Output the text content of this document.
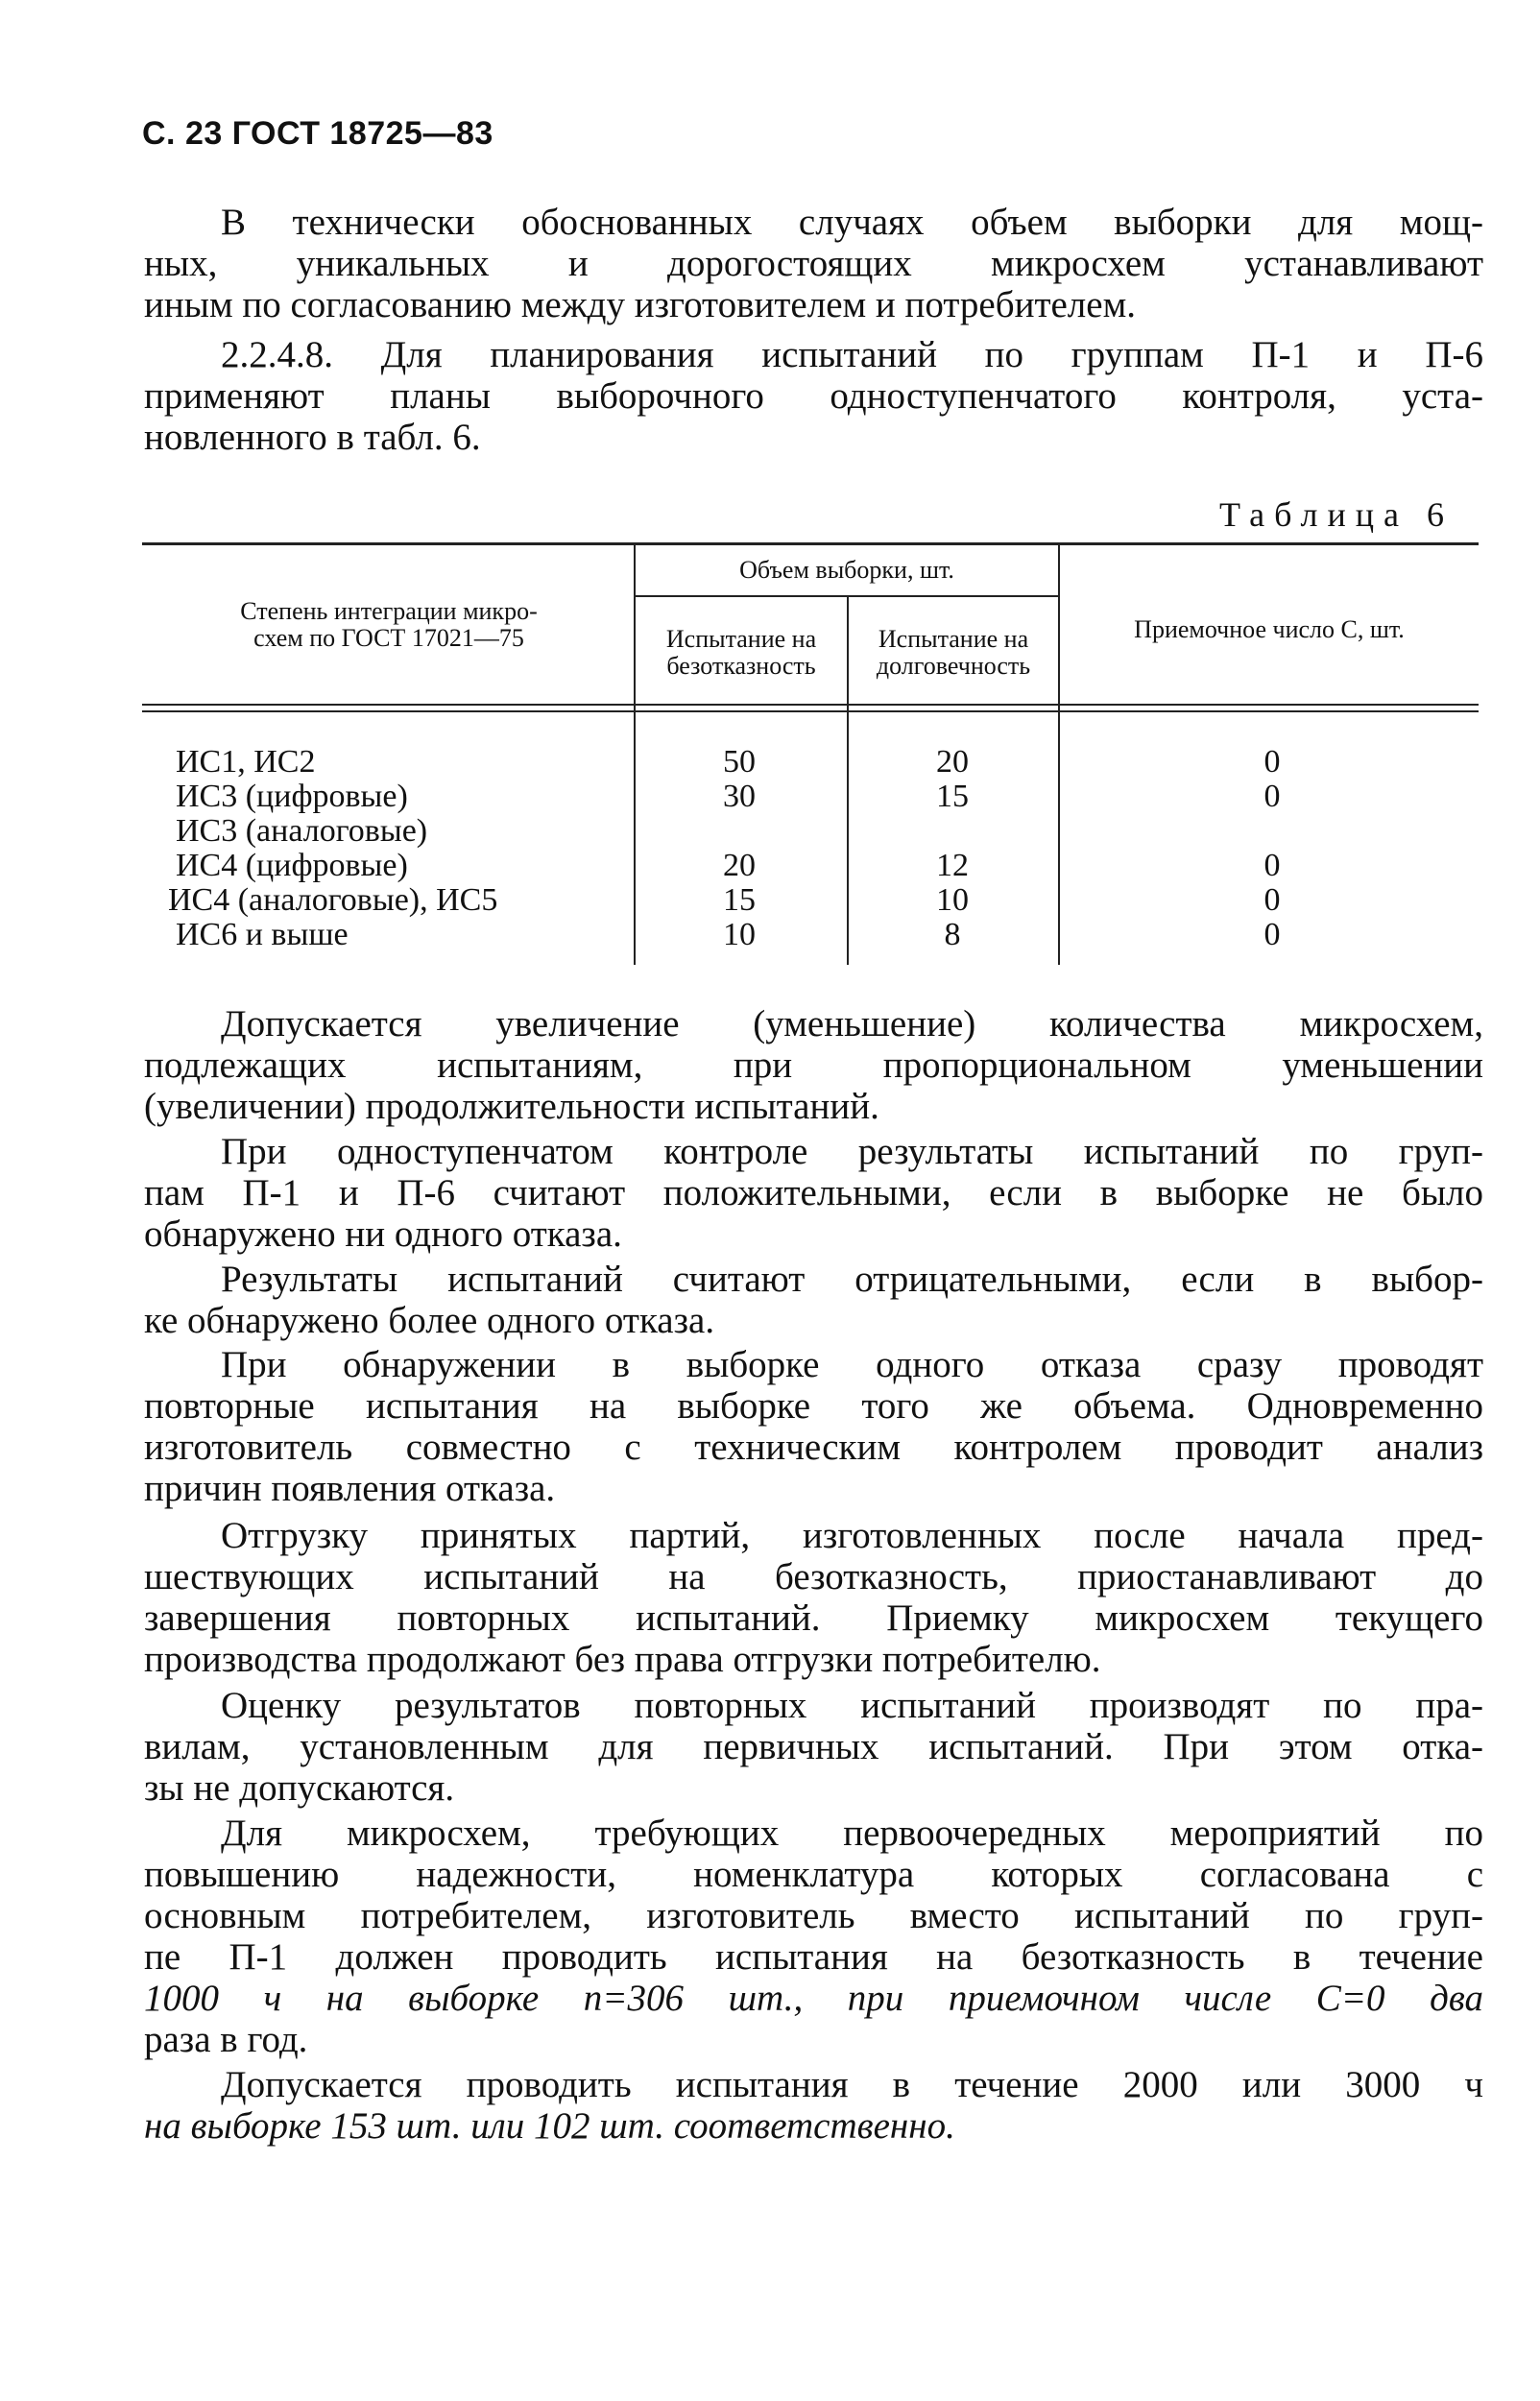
С. 23 ГОСТ 18725—83
В технически обоснованных случаях объем выборки для мощ-
ных, уникальных и дорогостоящих микросхем устанавливают
иным по согласованию между изготовителем и потребителем.
2.2.4.8. Для планирования испытаний по группам П-1 и П-6
применяют планы выборочного одноступенчатого контроля, уста-
новленного в табл. 6.
Таблица 6
Степень интеграции микро-
схем по ГОСТ 17021—75
Объем выборки, шт.
Испытание на
безотказность
Испытание на
долговечность
Приемочное число С, шт.
ИС1, ИС2	50	20	0
ИС3 (цифровые)	30	15	0
ИС3 (аналоговые)
ИС4 (цифровые)	20	12	0
ИС4 (аналоговые), ИС5	15	10	0
ИС6 и выше	10	8	0
Допускается увеличение (уменьшение) количества микросхем,
подлежащих испытаниям, при пропорциональном уменьшении
(увеличении) продолжительности испытаний.
При одноступенчатом контроле результаты испытаний по груп-
пам П-1 и П-6 считают положительными, если в выборке не было
обнаружено ни одного отказа.
Результаты испытаний считают отрицательными, если в выбор-
ке обнаружено более одного отказа.
При обнаружении в выборке одного отказа сразу проводят
повторные испытания на выборке того же объема. Одновременно
изготовитель совместно с техническим контролем проводит анализ
причин появления отказа.
Отгрузку принятых партий, изготовленных после начала пред-
шествующих испытаний на безотказность, приостанавливают до
завершения повторных испытаний. Приемку микросхем текущего
производства продолжают без права отгрузки потребителю.
Оценку результатов повторных испытаний производят по пра-
вилам, установленным для первичных испытаний. При этом отка-
зы не допускаются.
Для микросхем, требующих первоочередных мероприятий по
повышению надежности, номенклатура которых согласована с
основным потребителем, изготовитель вместо испытаний по груп-
пе П-1 должен проводить испытания на безотказность в течение
1000 ч на выборке n=306 шт., при приемочном числе С=0 два
раза в год.
Допускается проводить испытания в течение 2000 или 3000 ч
на выборке 153 шт. или 102 шт. соответственно.
